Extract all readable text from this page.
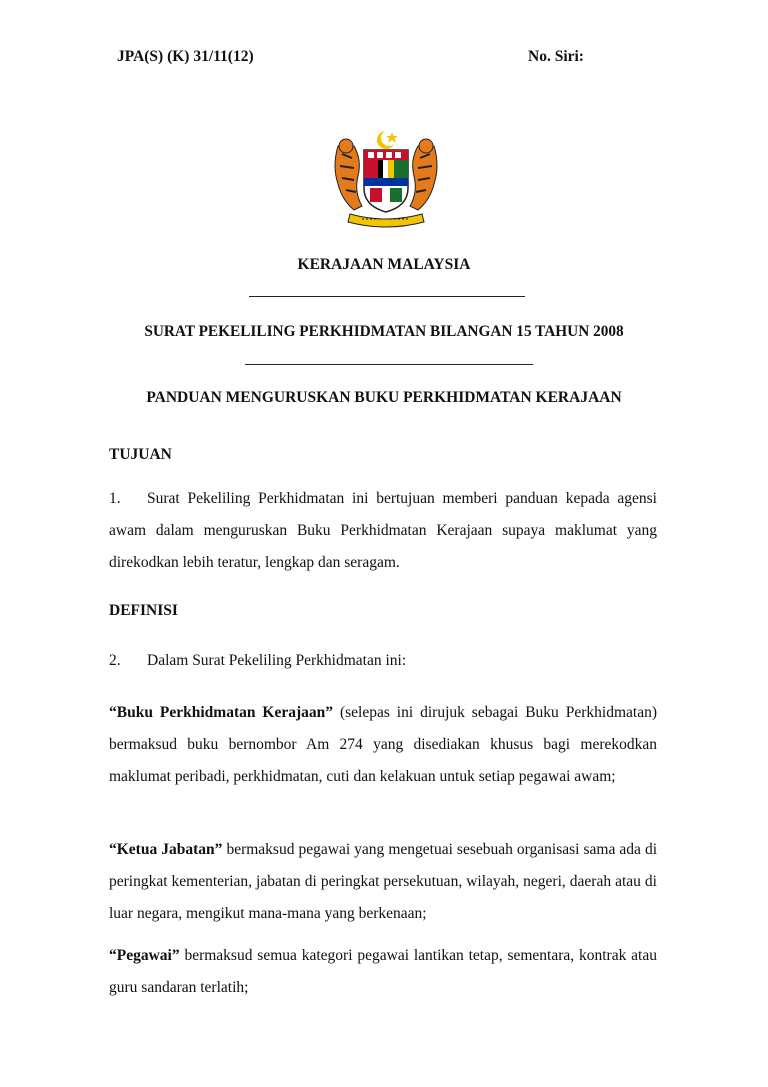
JPA(S) (K) 31/11(12)	No. Siri:
KERAJAAN MALAYSIA
SURAT PEKELILING PERKHIDMATAN BILANGAN 15 TAHUN 2008
PANDUAN MENGURUSKAN BUKU PERKHIDMATAN KERAJAAN
TUJUAN
1. Surat Pekeliling Perkhidmatan ini bertujuan memberi panduan kepada agensi awam dalam menguruskan Buku Perkhidmatan Kerajaan supaya maklumat yang direkodkan lebih teratur, lengkap dan seragam.
DEFINISI
2. Dalam Surat Pekeliling Perkhidmatan ini:
“Buku Perkhidmatan Kerajaan” (selepas ini dirujuk sebagai Buku Perkhidmatan) bermaksud buku bernombor Am 274 yang disediakan khusus bagi merekodkan maklumat peribadi, perkhidmatan, cuti dan kelakuan untuk setiap pegawai awam;
“Ketua Jabatan” bermaksud pegawai yang mengetuai sesebuah organisasi sama ada di peringkat kementerian, jabatan di peringkat persekutuan, wilayah, negeri, daerah atau di luar negara, mengikut mana-mana yang berkenaan;
“Pegawai” bermaksud semua kategori pegawai lantikan tetap, sementara, kontrak atau guru sandaran terlatih;
